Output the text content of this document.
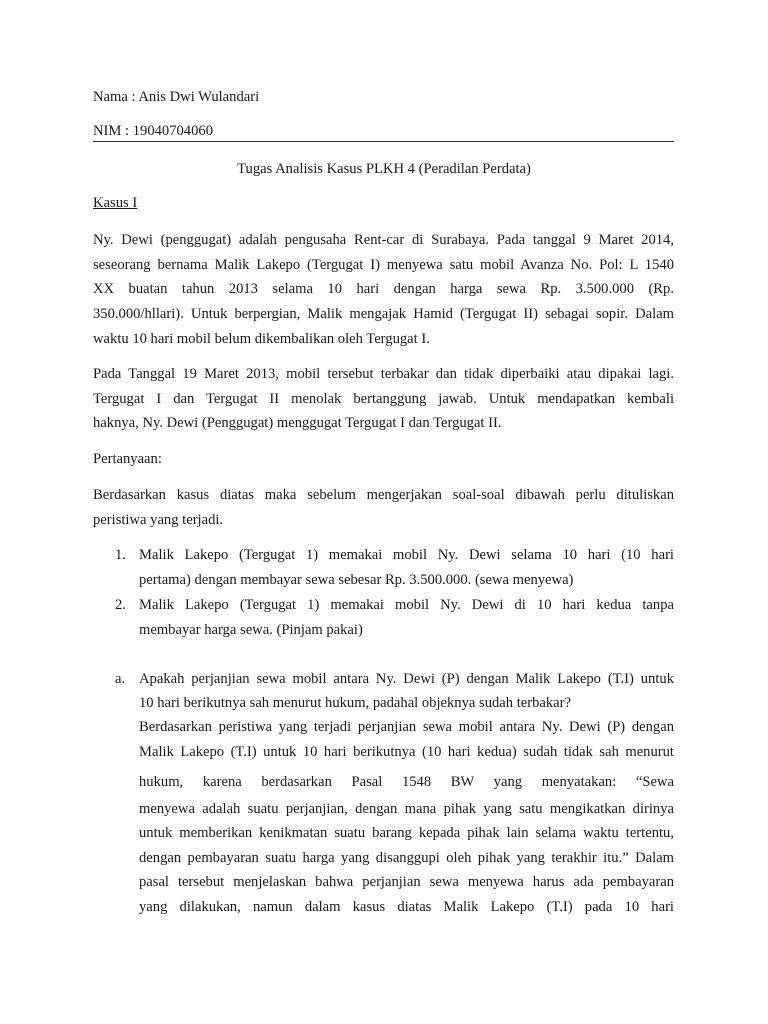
Nama : Anis Dwi Wulandari
NIM : 19040704060
Tugas Analisis Kasus PLKH 4 (Peradilan Perdata)
Kasus I
Ny. Dewi (penggugat) adalah pengusaha Rent-car di Surabaya. Pada tanggal 9 Maret 2014,
seseorang bernama Malik Lakepo (Tergugat I) menyewa satu mobil Avanza No. Pol: L 1540
XX buatan tahun 2013 selama 10 hari dengan harga sewa Rp. 3.500.000 (Rp.
350.000/hllari). Untuk berpergian, Malik mengajak Hamid (Tergugat II) sebagai sopir. Dalam
waktu 10 hari mobil belum dikembalikan oleh Tergugat I.
Pada Tanggal 19 Maret 2013, mobil tersebut terbakar dan tidak diperbaiki atau dipakai lagi.
Tergugat I dan Tergugat II menolak bertanggung jawab. Untuk mendapatkan kembali
haknya, Ny. Dewi (Penggugat) menggugat Tergugat I dan Tergugat II.
Pertanyaan:
Berdasarkan kasus diatas maka sebelum mengerjakan soal-soal dibawah perlu dituliskan
peristiwa yang terjadi.
1. Malik Lakepo (Tergugat 1) memakai mobil Ny. Dewi selama 10 hari (10 hari
pertama) dengan membayar sewa sebesar Rp. 3.500.000. (sewa menyewa)
2. Malik Lakepo (Tergugat 1) memakai mobil Ny. Dewi di 10 hari kedua tanpa
membayar harga sewa. (Pinjam pakai)
a. Apakah perjanjian sewa mobil antara Ny. Dewi (P) dengan Malik Lakepo (T.I) untuk
10 hari berikutnya sah menurut hukum, padahal objeknya sudah terbakar?
Berdasarkan peristiwa yang terjadi perjanjian sewa mobil antara Ny. Dewi (P) dengan
Malik Lakepo (T.I) untuk 10 hari berikutnya (10 hari kedua) sudah tidak sah menurut
hukum, karena berdasarkan Pasal 1548 BW yang menyatakan: “Sewa
menyewa adalah suatu perjanjian, dengan mana pihak yang satu mengikatkan dirinya
untuk memberikan kenikmatan suatu barang kepada pihak lain selama waktu tertentu,
dengan pembayaran suatu harga yang disanggupi oleh pihak yang terakhir itu.” Dalam
pasal tersebut menjelaskan bahwa perjanjian sewa menyewa harus ada pembayaran
yang dilakukan, namun dalam kasus diatas Malik Lakepo (T.I) pada 10 hari
